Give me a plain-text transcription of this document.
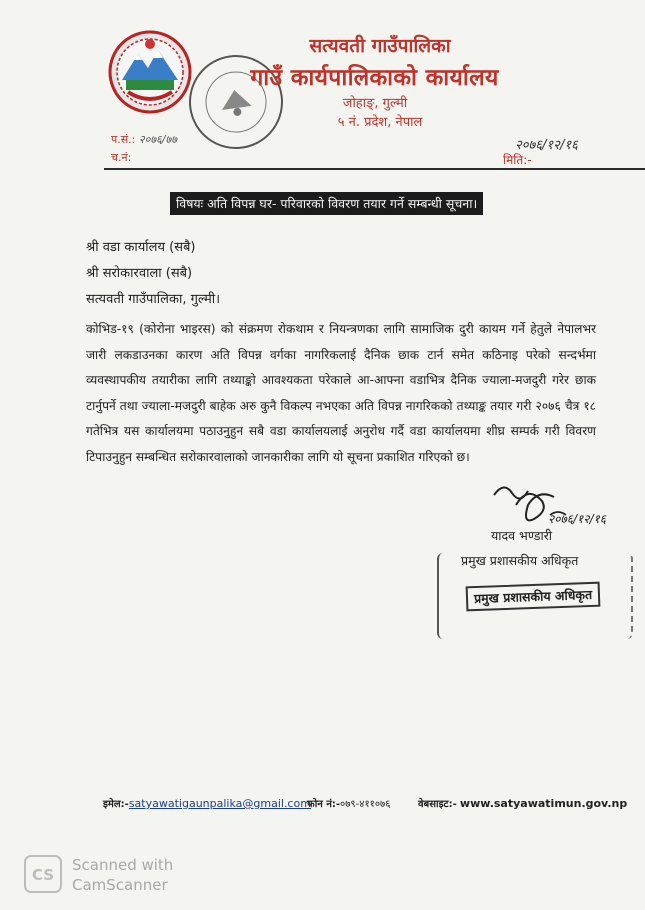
सत्यवती गाउँपालिका
गाउँ कार्यपालिकाको कार्यालय
जोहाङ्, गुल्मी
५ नं. प्रदेश, नेपाल
प.सं.: २०७६/७७
च.नं:
२०७६/१२/१६
मिति:-
विषयः अति विपन्न घर- परिवारको विवरण तयार गर्ने सम्बन्धी सूचना।
श्री वडा कार्यालय (सबै)
श्री सरोकारवाला (सबै)
सत्यवती गाउँपालिका, गुल्मी।
कोभिड-१९ (कोरोना भाइरस) को संक्रमण रोकथाम र नियन्त्रणका लागि सामाजिक दुरी कायम गर्ने हेतुले नेपालभर जारी लकडाउनका कारण अति विपन्न वर्गका नागरिकलाई दैनिक छाक टार्न समेत कठिनाइ परेको सन्दर्भमा व्यवस्थापकीय तयारीका लागि तथ्याङ्को आवश्यकता परेकाले आ-आफ्ना वडाभित्र दैनिक ज्याला-मजदुरी गरेर छाक टार्नुपर्ने तथा ज्याला-मजदुरी बाहेक अरु कुनै विकल्प नभएका अति विपन्न नागरिकको तथ्याङ्क तयार गरी २०७६ चैत्र १८ गतेभित्र यस कार्यालयमा पठाउनुहुन सबै वडा कार्यालयलाई अनुरोध गर्दै वडा कार्यालयमा शीघ्र सम्पर्क गरी विवरण टिपाउनुहुन सम्बन्धित सरोकारवालाको जानकारीका लागि यो सूचना प्रकाशित गरिएको छ।
२०७६/१२/१६
यादव भण्डारी
प्रमुख प्रशासकीय अधिकृत
प्रमुख प्रशासकीय अधिकृत
इमेल:-satyawatigaunpalika@gmail.com
फोन नं:-०७९-४११०७६	वेबसाइट:- www.satyawatimun.gov.np
CS
Scanned with
CamScanner
